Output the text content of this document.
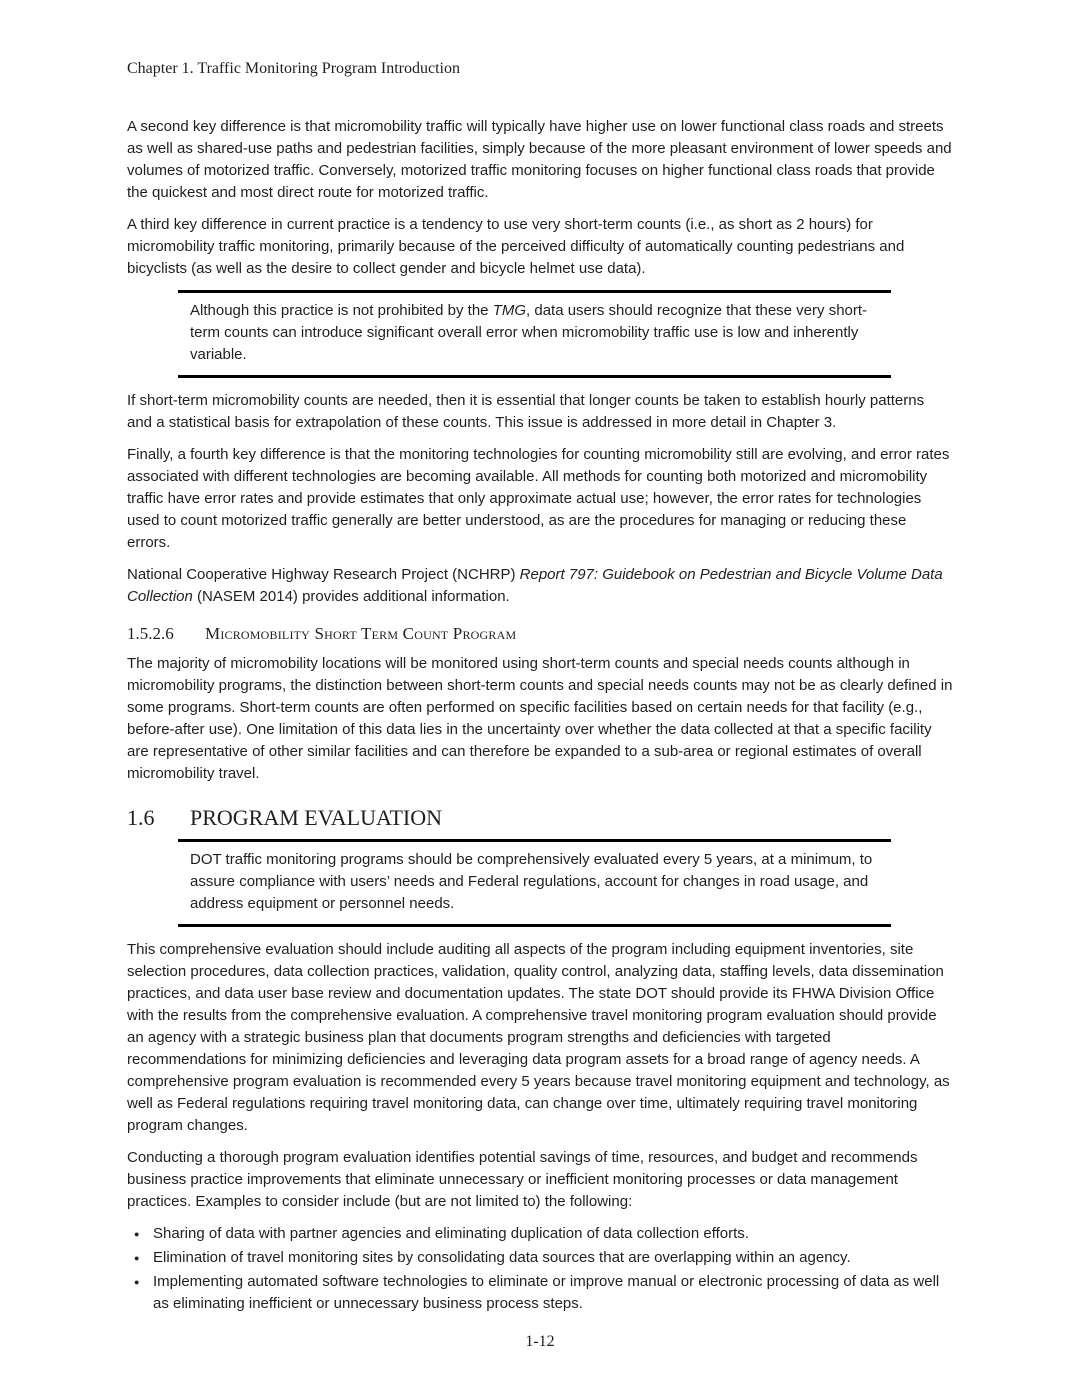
Chapter 1. Traffic Monitoring Program Introduction

A second key difference is that micromobility traffic will typically have higher use on lower functional class roads and streets as well as shared-use paths and pedestrian facilities, simply because of the more pleasant environment of lower speeds and volumes of motorized traffic. Conversely, motorized traffic monitoring focuses on higher functional class roads that provide the quickest and most direct route for motorized traffic.

A third key difference in current practice is a tendency to use very short-term counts (i.e., as short as 2 hours) for micromobility traffic monitoring, primarily because of the perceived difficulty of automatically counting pedestrians and bicyclists (as well as the desire to collect gender and bicycle helmet use data).

Although this practice is not prohibited by the TMG, data users should recognize that these very short-term counts can introduce significant overall error when micromobility traffic use is low and inherently variable.

If short-term micromobility counts are needed, then it is essential that longer counts be taken to establish hourly patterns and a statistical basis for extrapolation of these counts. This issue is addressed in more detail in Chapter 3.

Finally, a fourth key difference is that the monitoring technologies for counting micromobility still are evolving, and error rates associated with different technologies are becoming available. All methods for counting both motorized and micromobility traffic have error rates and provide estimates that only approximate actual use; however, the error rates for technologies used to count motorized traffic generally are better understood, as are the procedures for managing or reducing these errors.

National Cooperative Highway Research Project (NCHRP) Report 797: Guidebook on Pedestrian and Bicycle Volume Data Collection (NASEM 2014) provides additional information.

1.5.2.6 Micromobility Short Term Count Program

The majority of micromobility locations will be monitored using short-term counts and special needs counts although in micromobility programs, the distinction between short-term counts and special needs counts may not be as clearly defined in some programs. Short-term counts are often performed on specific facilities based on certain needs for that facility (e.g., before-after use). One limitation of this data lies in the uncertainty over whether the data collected at that a specific facility are representative of other similar facilities and can therefore be expanded to a sub-area or regional estimates of overall micromobility travel.

1.6 PROGRAM EVALUATION
DOT traffic monitoring programs should be comprehensively evaluated every 5 years, at a minimum, to assure compliance with users’ needs and Federal regulations, account for changes in road usage, and address equipment or personnel needs.

This comprehensive evaluation should include auditing all aspects of the program including equipment inventories, site selection procedures, data collection practices, validation, quality control, analyzing data, staffing levels, data dissemination practices, and data user base review and documentation updates. The state DOT should provide its FHWA Division Office with the results from the comprehensive evaluation. A comprehensive travel monitoring program evaluation should provide an agency with a strategic business plan that documents program strengths and deficiencies with targeted recommendations for minimizing deficiencies and leveraging data program assets for a broad range of agency needs. A comprehensive program evaluation is recommended every 5 years because travel monitoring equipment and technology, as well as Federal regulations requiring travel monitoring data, can change over time, ultimately requiring travel monitoring program changes.

Conducting a thorough program evaluation identifies potential savings of time, resources, and budget and recommends business practice improvements that eliminate unnecessary or inefficient monitoring processes or data management practices. Examples to consider include (but are not limited to) the following:

● Sharing of data with partner agencies and eliminating duplication of data collection efforts.
● Elimination of travel monitoring sites by consolidating data sources that are overlapping within an agency.
● Implementing automated software technologies to eliminate or improve manual or electronic processing of data as well as eliminating inefficient or unnecessary business process steps.
1-12
